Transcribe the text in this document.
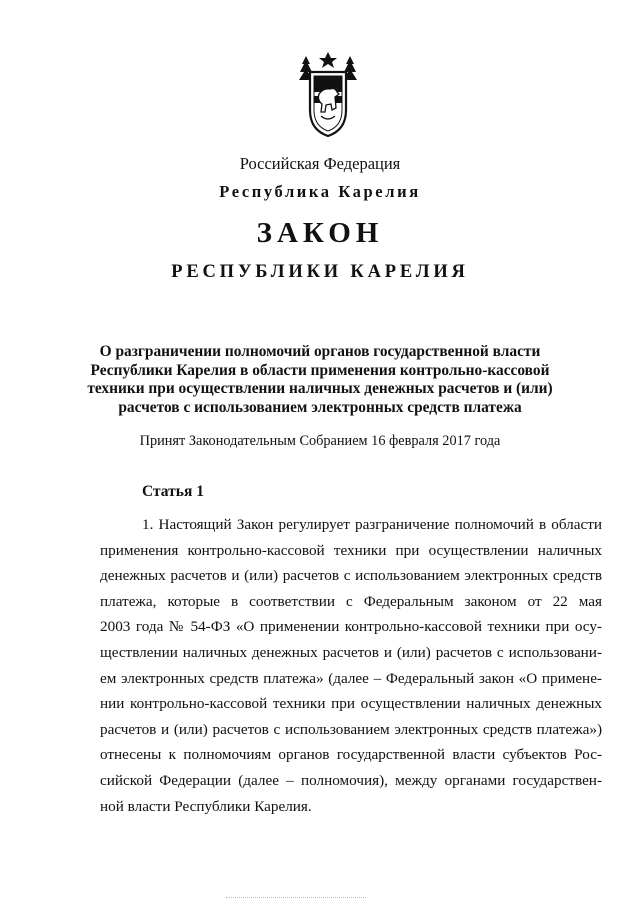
Российская Федерация
Республика Карелия
ЗАКОН
РЕСПУБЛИКИ КАРЕЛИЯ
О разграничении полномочий органов государственной власти
Республики Карелия в области применения контрольно-кассовой
техники при осуществлении наличных денежных расчетов и (или)
расчетов с использованием электронных средств платежа
Принят Законодательным Собранием 16 февраля 2017 года
Статья 1
1. Настоящий Закон регулирует разграничение полномочий в области
применения контрольно-кассовой техники при осуществлении наличных
денежных расчетов и (или) расчетов с использованием электронных средств
платежа, которые в соответствии с Федеральным законом от 22 мая
2003 года № 54-ФЗ «О применении контрольно-кассовой техники при осу-
ществлении наличных денежных расчетов и (или) расчетов с использовани-
ем электронных средств платежа» (далее – Федеральный закон «О примене-
нии контрольно-кассовой техники при осуществлении наличных денежных
расчетов и (или) расчетов с использованием электронных средств платежа»)
отнесены к полномочиям органов государственной власти субъектов Рос-
сийской Федерации (далее – полномочия), между органами государствен-
ной власти Республики Карелия.
